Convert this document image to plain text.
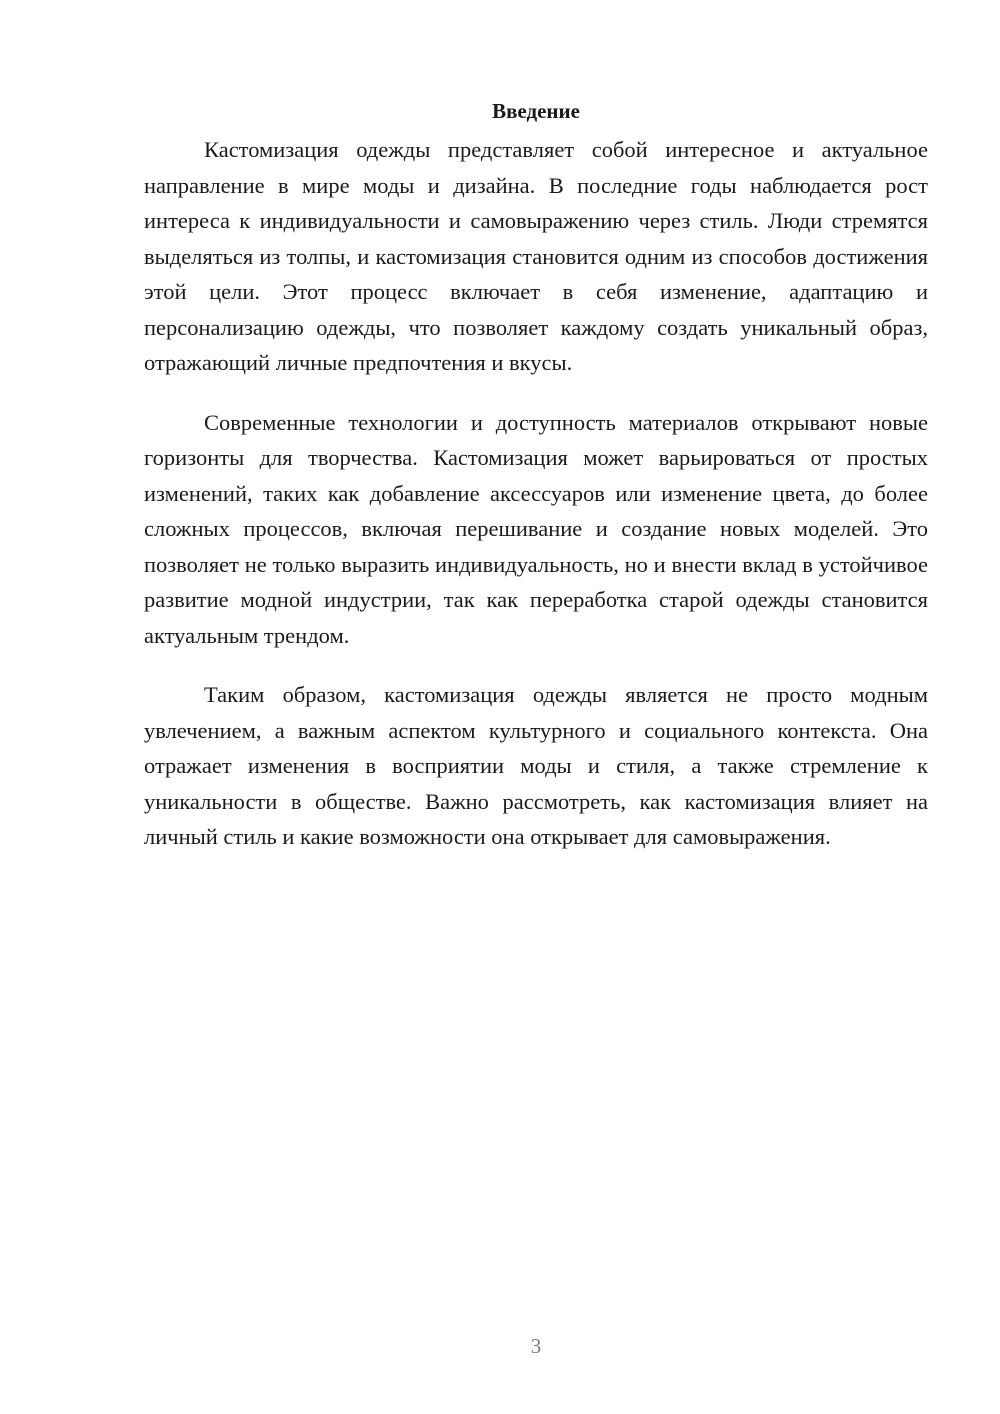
Введение

Кастомизация одежды представляет собой интересное и актуальное направление в мире моды и дизайна. В последние годы наблюдается рост интереса к индивидуальности и самовыражению через стиль. Люди стремятся выделяться из толпы, и кастомизация становится одним из способов достижения этой цели. Этот процесс включает в себя изменение, адаптацию и персонализацию одежды, что позволяет каждому создать уникальный образ, отражающий личные предпочтения и вкусы.

Современные технологии и доступность материалов открывают новые горизонты для творчества. Кастомизация может варьироваться от простых изменений, таких как добавление аксессуаров или изменение цвета, до более сложных процессов, включая перешивание и создание новых моделей. Это позволяет не только выразить индивидуальность, но и внести вклад в устойчивое развитие модной индустрии, так как переработка старой одежды становится актуальным трендом.

Таким образом, кастомизация одежды является не просто модным увлечением, а важным аспектом культурного и социального контекста. Она отражает изменения в восприятии моды и стиля, а также стремление к уникальности в обществе. Важно рассмотреть, как кастомизация влияет на личный стиль и какие возможности она открывает для самовыражения.

3
